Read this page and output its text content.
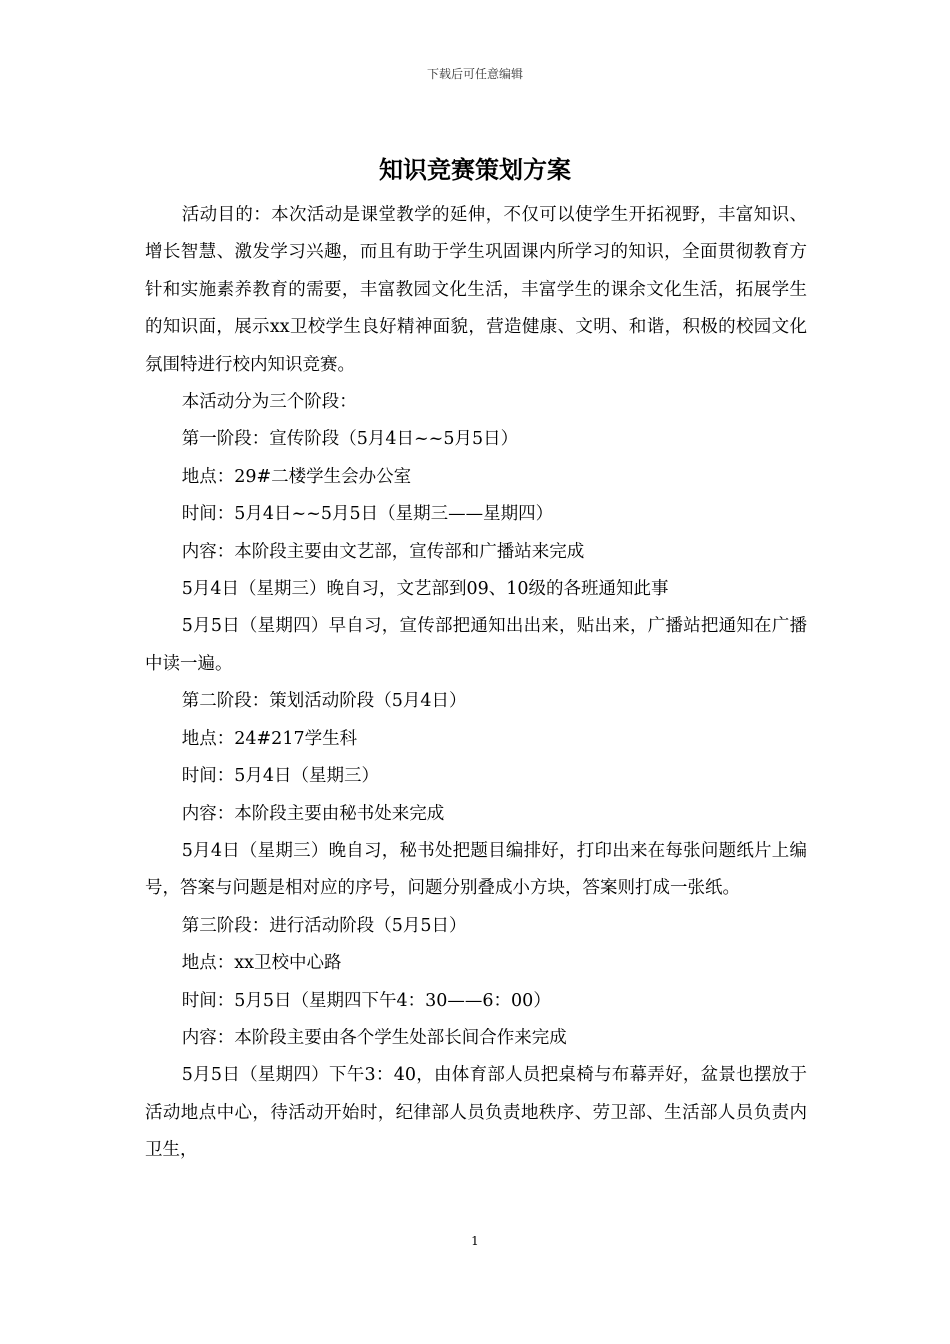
下载后可任意编辑
知识竞赛策划方案

活动目的：本次活动是课堂教学的延伸，不仅可以使学生开拓视野，丰富知识、增长智慧、激发学习兴趣，而且有助于学生巩固课内所学习的知识，全面贯彻教育方针和实施素养教育的需要，丰富教园文化生活，丰富学生的课余文化生活，拓展学生的知识面，展示xx卫校学生良好精神面貌，营造健康、文明、和谐，积极的校园文化氛围特进行校内知识竞赛。

本活动分为三个阶段：

第一阶段：宣传阶段（5月4日~~5月5日）

地点：29#二楼学生会办公室

时间：5月4日~~5月5日（星期三——星期四）

内容：本阶段主要由文艺部，宣传部和广播站来完成

5月4日（星期三）晚自习，文艺部到09、10级的各班通知此事

5月5日（星期四）早自习，宣传部把通知出出来，贴出来，广播站把通知在广播中读一遍。

第二阶段：策划活动阶段（5月4日）

地点：24#217学生科

时间：5月4日（星期三）

内容：本阶段主要由秘书处来完成

5月4日（星期三）晚自习，秘书处把题目编排好，打印出来在每张问题纸片上编号，答案与问题是相对应的序号，问题分别叠成小方块，答案则打成一张纸。

第三阶段：进行活动阶段（5月5日）

地点：xx卫校中心路

时间：5月5日（星期四下午4：30——6：00）

内容：本阶段主要由各个学生处部长间合作来完成

5月5日（星期四）下午3：40，由体育部人员把桌椅与布幕弄好，盆景也摆放于活动地点中心，待活动开始时，纪律部人员负责地秩序、劳卫部、生活部人员负责内卫生，

1
